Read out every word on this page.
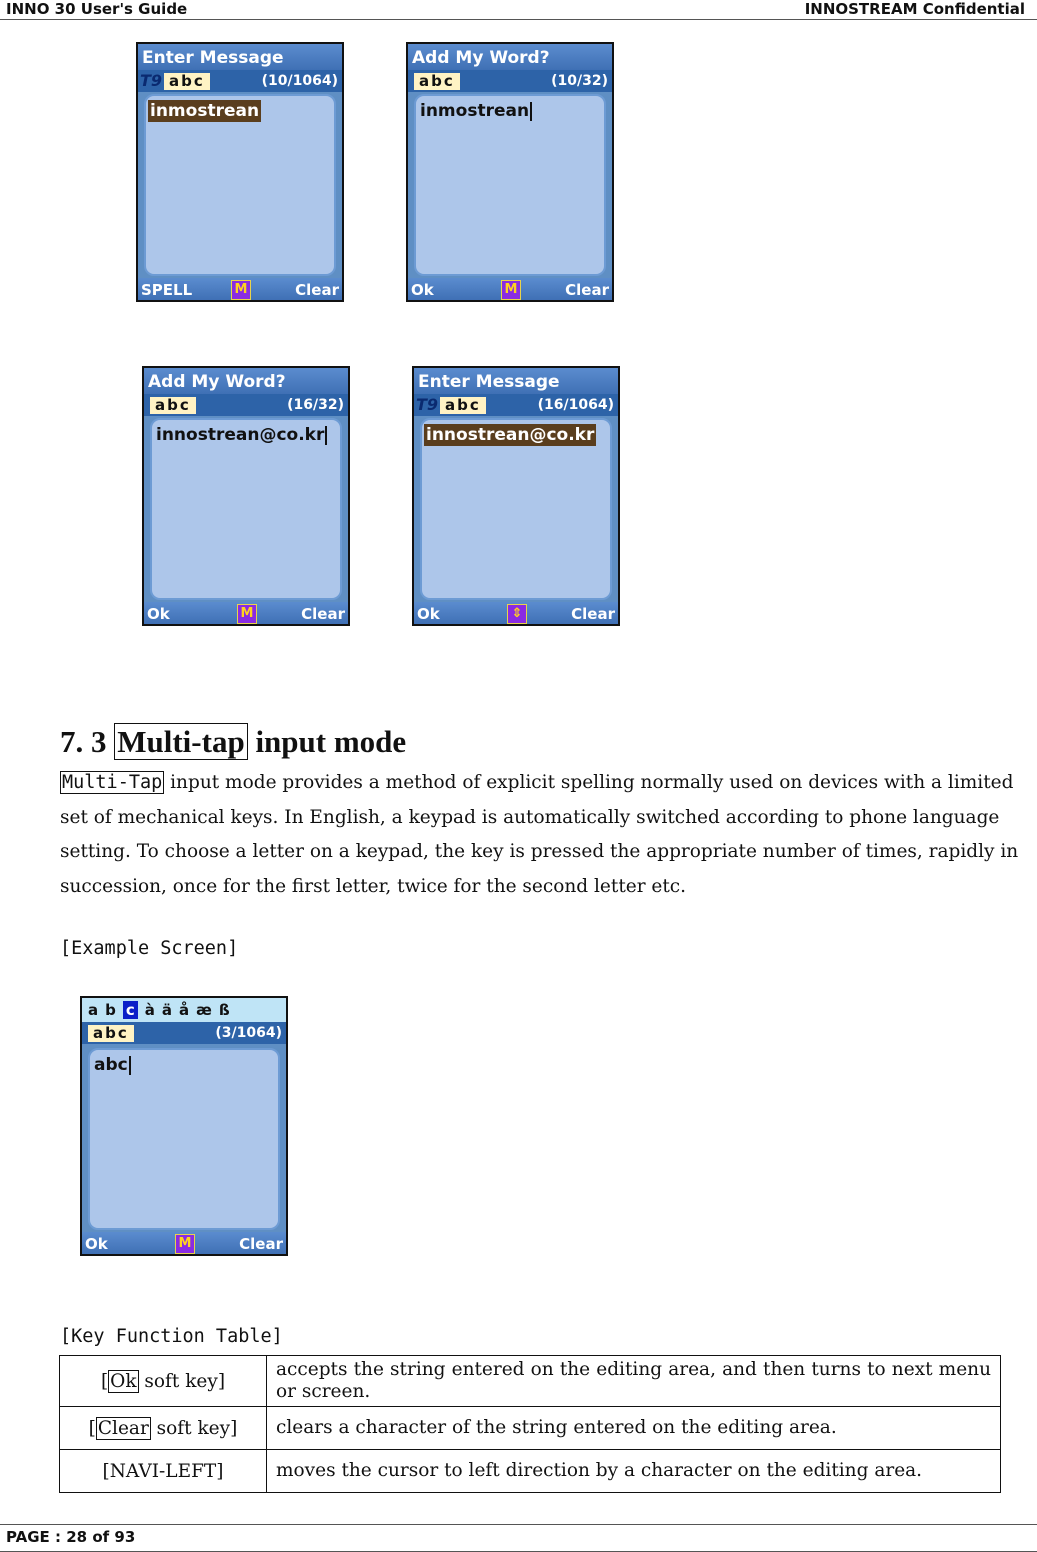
INNO 30 User's Guide	INNOSTREAM Confidential
Enter Message
T9 abc	(10/1064)
inmostrean
SPELL	M	Clear
Add My Word?
abc	(10/32)
inmostrean
Ok	M	Clear
Add My Word?
abc	(16/32)
innostrean@co.kr
Ok	M	Clear
Enter Message
T9 abc	(16/1064)
innostrean@co.kr
Ok	⇕	Clear
7. 3 Multi-tap input mode
Multi-Tap input mode provides a method of explicit spelling normally used on devices with a limited set of mechanical keys. In English, a keypad is automatically switched according to phone language setting. To choose a letter on a keypad, the key is pressed the appropriate number of times, rapidly in succession, once for the first letter, twice for the second letter etc.
[Example Screen]
a b c à ä å æ ß
abc	(3/1064)
abc
Ok	M	Clear
[Key Function Table]
[ Ok soft key]	accepts the string entered on the editing area, and then turns to next menu or screen.
[ Clear soft key]	clears a character of the string entered on the editing area.
[NAVI-LEFT]	moves the cursor to left direction by a character on the editing area.
PAGE : 28 of 93
